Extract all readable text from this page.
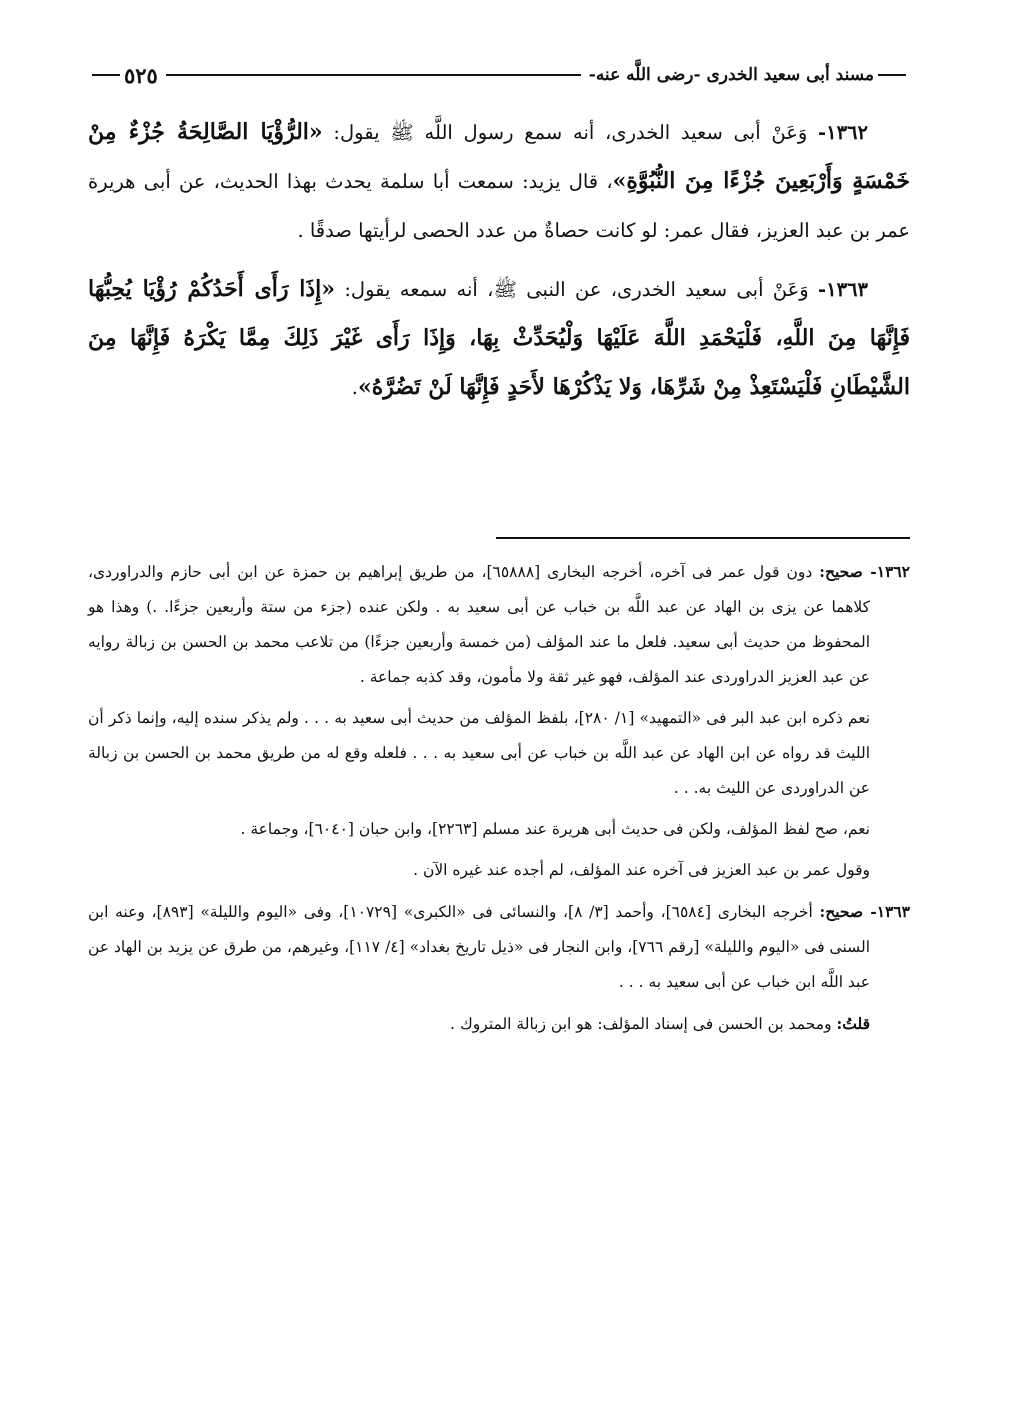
مسند أبى سعيد الخدرى -رضى اللَّه عنه-
٥٢٥

١٣٦٢- وَعَنْ أبى سعيد الخدرى، أنه سمع رسول اللَّه ﷺ يقول: «الرُّؤْيَا الصَّالِحَةُ جُزْءٌ مِنْ خَمْسَةٍ وَأَرْبَعِينَ جُزْءًا مِنَ النُّبُوَّةِ»، قال يزيد: سمعت أبا سلمة يحدث بهذا الحديث، عن أبى هريرة عمر بن عبد العزيز، فقال عمر: لو كانت حصاةٌ من عدد الحصى لرأيتها صدقًا .

١٣٦٣- وَعَنْ أبى سعيد الخدرى، عن النبى ﷺ، أنه سمعه يقول: «إِذَا رَأَى أَحَدُكُمْ رُؤْيَا يُحِبُّهَا فَإِنَّهَا مِنَ اللَّهِ، فَلْيَحْمَدِ اللَّهَ عَلَيْهَا وَلْيُحَدِّثْ بِهَا، وَإِذَا رَأَى غَيْرَ ذَلِكَ مِمَّا يَكْرَهُ فَإِنَّهَا مِنَ الشَّيْطَانِ فَلْيَسْتَعِذْ مِنْ شَرِّهَا، وَلا يَذْكُرْهَا لأَحَدٍ فَإِنَّهَا لَنْ تَضُرَّهُ».

١٣٦٢- صحيح: دون قول عمر فى آخره، أخرجه البخارى [٦٥٨٨٨]، من طريق إبراهيم بن حمزة عن ابن أبى حازم والدراوردى، كلاهما عن يزى بن الهاد عن عبد اللَّه بن خباب عن أبى سعيد به . ولكن عنده (جزء من ستة وأربعين جزءًا. .) وهذا هو المحفوظ من حديث أبى سعيد. فلعل ما عند المؤلف (من خمسة وأربعين جزءًا) من تلاعب محمد بن الحسن بن زبالة روايه عن عبد العزيز الدراوردى عند المؤلف، فهو غير ثقة ولا مأمون، وقد كذبه جماعة .

نعم ذكره ابن عبد البر فى «التمهيد» [١/ ٢٨٠]، بلفظ المؤلف من حديث أبى سعيد به . . . ولم يذكر سنده إليه، وإنما ذكر أن الليث قد رواه عن ابن الهاد عن عبد اللَّه بن خباب عن أبى سعيد به . . . فلعله وقع له من طريق محمد بن الحسن بن زبالة عن الدراوردى عن الليث به. . .

نعم، صح لفظ المؤلف، ولكن فى حديث أبى هريرة عند مسلم [٢٢٦٣]، وابن حبان [٦٠٤٠]، وجماعة .

وقول عمر بن عبد العزيز فى آخره عند المؤلف، لم أجده عند غيره الآن .

١٣٦٣- صحيح: أخرجه البخارى [٦٥٨٤]، وأحمد [٣/ ٨]، والنسائى فى «الكبرى» [١٠٧٢٩]، وفى «اليوم والليلة» [٨٩٣]، وعنه ابن السنى فى «اليوم والليلة» [رقم ٧٦٦]، وابن النجار فى «ذيل تاريخ بغداد» [٤/ ١١٧]، وغيرهم، من طرق عن يزيد بن الهاد عن عبد اللَّه ابن خباب عن أبى سعيد به . . .

قلتُ: ومحمد بن الحسن فى إسناد المؤلف: هو ابن زبالة المتروك .
